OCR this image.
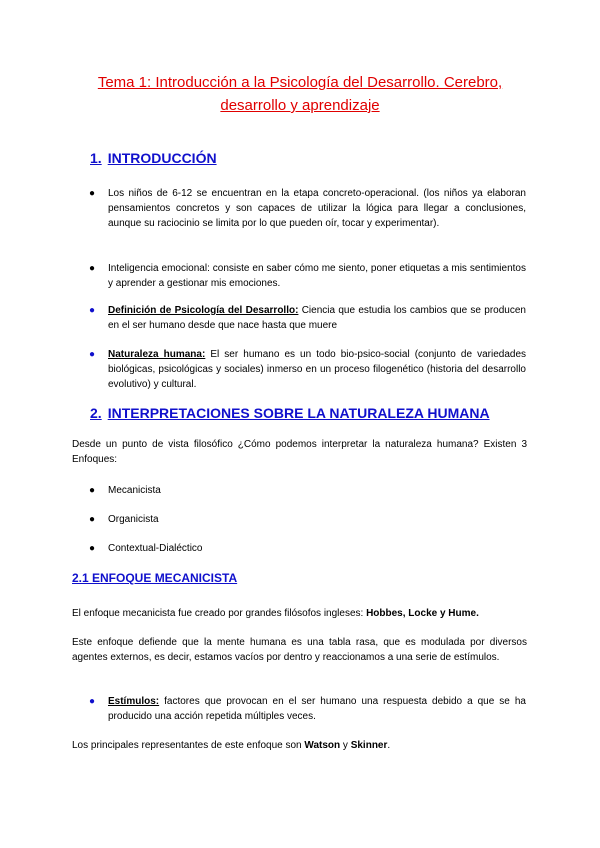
Tema 1: Introducción a la Psicología del Desarrollo. Cerebro,
desarrollo y aprendizaje
1. INTRODUCCIÓN

● Los niños de 6-12 se encuentran en la etapa concreto-operacional. (los niños ya elaboran pensamientos concretos y son capaces de utilizar la lógica para llegar a conclusiones, aunque su raciocinio se limita por lo que pueden oír, tocar y experimentar).

● Inteligencia emocional: consiste en saber cómo me siento, poner etiquetas a mis sentimientos y aprender a gestionar mis emociones.

● Definición de Psicología del Desarrollo: Ciencia que estudia los cambios que se producen en el ser humano desde que nace hasta que muere

● Naturaleza humana: El ser humano es un todo bio-psico-social (conjunto de variedades biológicas, psicológicas y sociales) inmerso en un proceso filogenético (historia del desarrollo evolutivo) y cultural.

2. INTERPRETACIONES SOBRE LA NATURALEZA HUMANA

Desde un punto de vista filosófico ¿Cómo podemos interpretar la naturaleza humana? Existen 3 Enfoques:

● Mecanicista

● Organicista

● Contextual-Dialéctico

2.1 ENFOQUE MECANICISTA

El enfoque mecanicista fue creado por grandes filósofos ingleses: Hobbes, Locke y Hume.

Este enfoque defiende que la mente humana es una tabla rasa, que es modulada por diversos agentes externos, es decir, estamos vacíos por dentro y reaccionamos a una serie de estímulos.

● Estímulos: factores que provocan en el ser humano una respuesta debido a que se ha producido una acción repetida múltiples veces.

Los principales representantes de este enfoque son Watson y Skinner.
